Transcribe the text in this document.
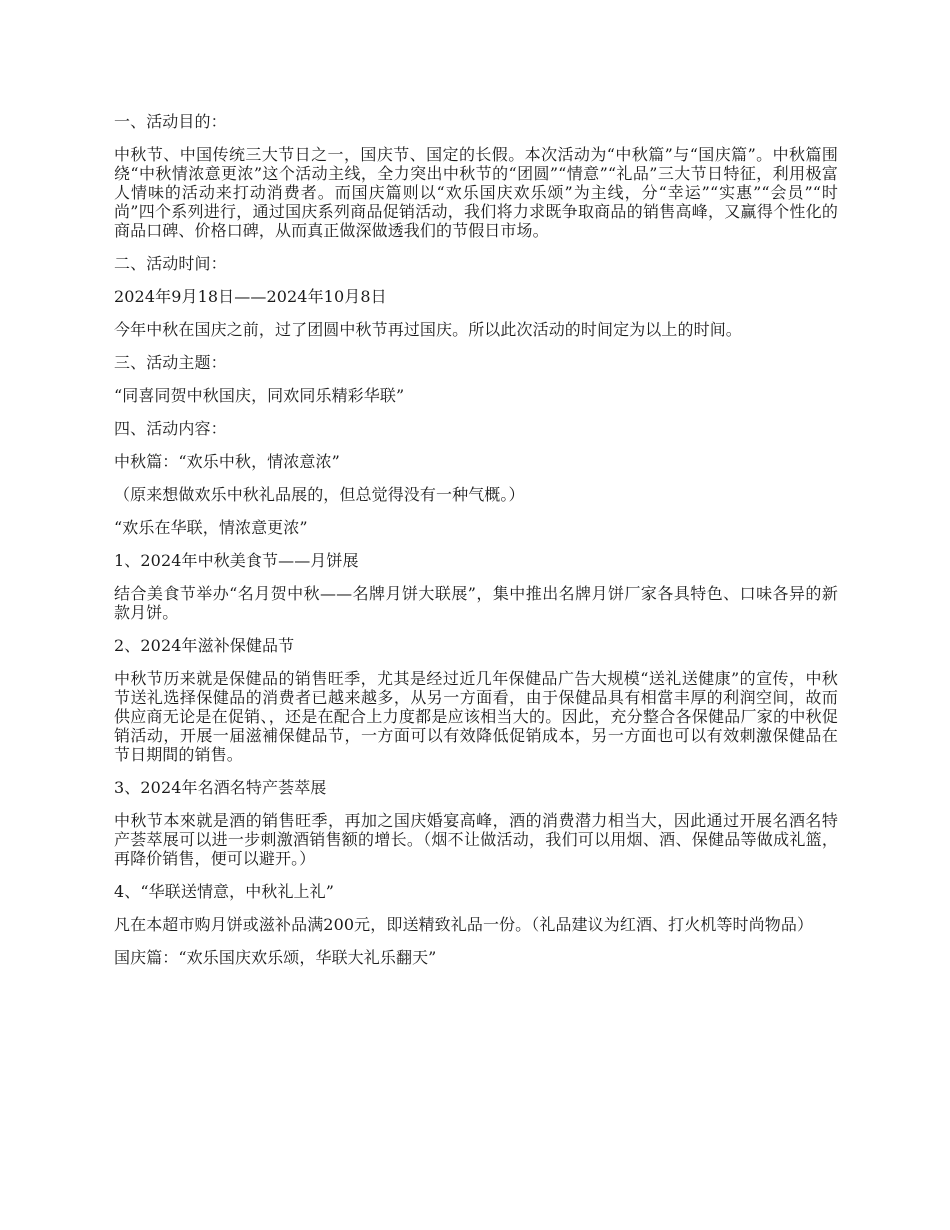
一、活动目的：

中秋节、中国传统三大节日之一，国庆节、国定的长假。本次活动为“中秋篇”与“国庆篇”。中秋篇围绕“中秋情浓意更浓”这个活动主线，全力突出中秋节的“团圆”“情意”“礼品”三大节日特征，利用极富人情味的活动来打动消费者。而国庆篇则以“欢乐国庆欢乐颂”为主线，分“幸运”“实惠”“会员”“时尚”四个系列进行，通过国庆系列商品促销活动，我们将力求既争取商品的销售高峰，又赢得个性化的商品口碑、价格口碑，从而真正做深做透我们的节假日市场。

二、活动时间：

2024年9月18日——2024年10月8日

今年中秋在国庆之前，过了团圆中秋节再过国庆。所以此次活动的时间定为以上的时间。

三、活动主题：

“同喜同贺中秋国庆，同欢同乐精彩华联”

四、活动内容：

中秋篇：“欢乐中秋，情浓意浓”

（原来想做欢乐中秋礼品展的，但总觉得没有一种气概。）

“欢乐在华联，情浓意更浓”

1、2024年中秋美食节——月饼展

结合美食节举办“名月贺中秋——名牌月饼大联展”，集中推出名牌月饼厂家各具特色、口味各异的新款月饼。

2、2024年滋补保健品节

中秋节历来就是保健品的销售旺季，尤其是经过近几年保健品广告大规模“送礼送健康”的宣传，中秋节送礼选择保健品的消费者已越来越多，从另一方面看，由于保健品具有相當丰厚的利润空间，故而供应商无论是在促销、，还是在配合上力度都是应该相当大的。因此，充分整合各保健品厂家的中秋促销活动，开展一届滋補保健品节，一方面可以有效降低促销成本，另一方面也可以有效刺激保健品在节日期間的销售。

3、2024年名酒名特产荟萃展

中秋节本來就是酒的销售旺季，再加之国庆婚宴高峰，酒的消费潜力相当大，因此通过开展名酒名特产荟萃展可以进一步刺激酒销售额的增长。（烟不让做活动，我们可以用烟、酒、保健品等做成礼篮，再降价销售，便可以避开。）

4、“华联送情意，中秋礼上礼”

凡在本超市购月饼或滋补品满200元，即送精致礼品一份。（礼品建议为红酒、打火机等时尚物品）

国庆篇：“欢乐国庆欢乐颂，华联大礼乐翻天”
